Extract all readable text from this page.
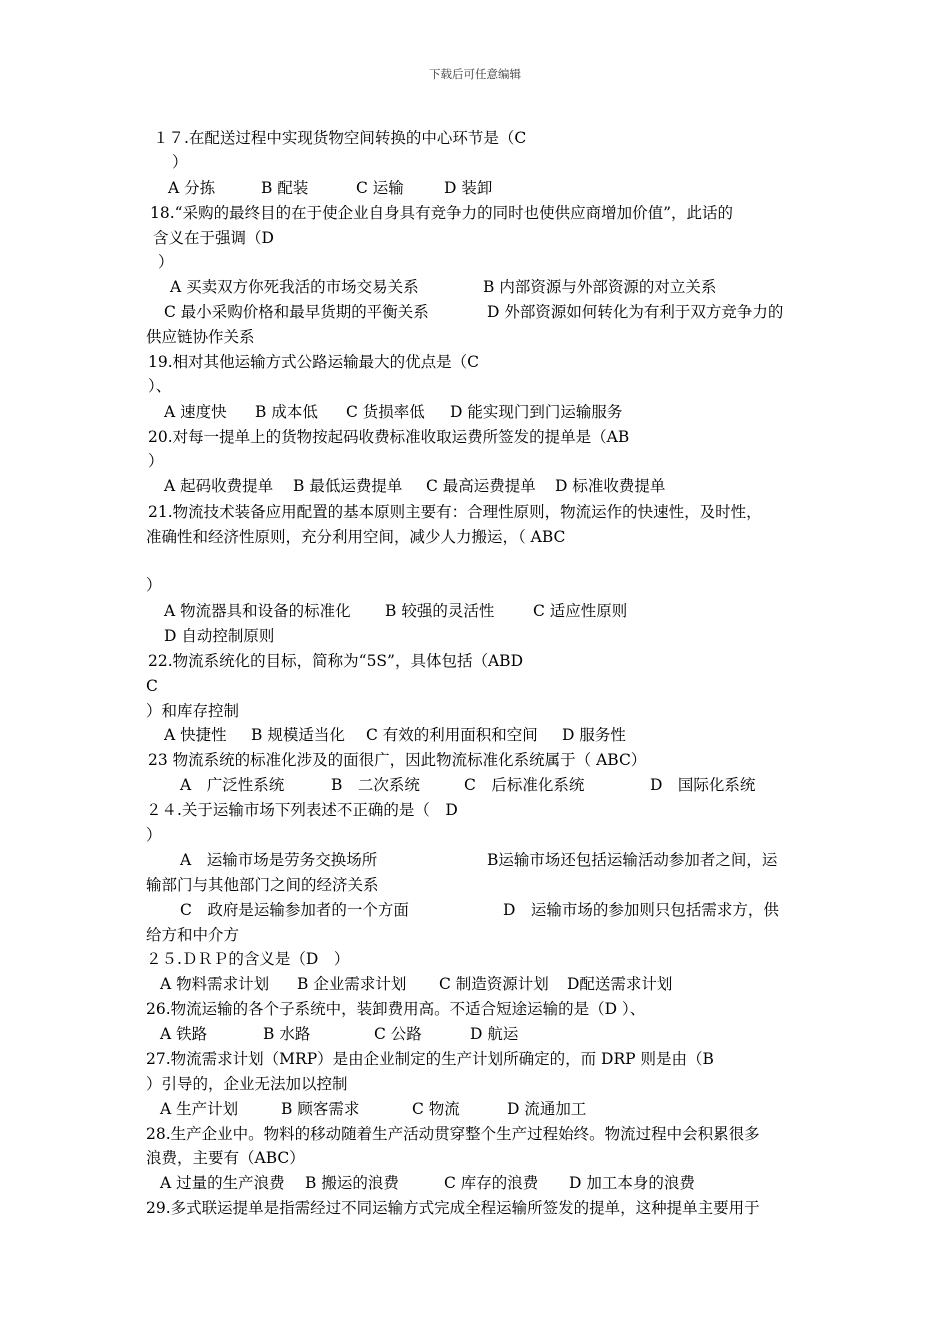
下载后可任意编辑
１７.在配送过程中实现货物空间转换的中心环节是（C
）
A 分拣	B 配装	C 运输	D 装卸
18.“采购的最终目的在于使企业自身具有竞争力的同时也使供应商增加价值”，此话的
含义在于强调（D
）
A 买卖双方你死我活的市场交易关系	B 内部资源与外部资源的对立关系
C 最小采购价格和最早货期的平衡关系	D 外部资源如何转化为有利于双方竞争力的
供应链协作关系
19.相对其他运输方式公路运输最大的优点是（C
）、
A 速度快 B 成本低 C 货损率低 D 能实现门到门运输服务
20.对每一提单上的货物按起码收费标准收取运费所签发的提单是（AB
）
A 起码收费提单 B 最低运费提单 C 最高运费提单 D 标准收费提单
21.物流技术装备应用配置的基本原则主要有：合理性原则，物流运作的快速性，及时性，
准确性和经济性原则，充分利用空间，减少人力搬运，（ ABC
）
A 物流器具和设备的标准化 B 较强的灵活性 C 适应性原则
D 自动控制原则
22.物流系统化的目标，简称为“5S”，具体包括（ABD
C
）和库存控制
A 快捷性 B 规模适当化 C 有效的利用面积和空间 D 服务性
23 物流系统的标准化涉及的面很广，因此物流标准化系统属于（ ABC）
A　广泛性系统	B　二次系统	C　后标准化系统	D　国际化系统
２４.关于运输市场下列表述不正确的是（　D
）
A　运输市场是劳务交换场所	B运输市场还包括运输活动参加者之间，运
输部门与其他部门之间的经济关系
C　政府是运输参加者的一个方面	D　运输市场的参加则只包括需求方，供
给方和中介方
２５.ＤＲＰ的含义是（D　）
A 物料需求计划 B 企业需求计划 C 制造资源计划 D配送需求计划
26.物流运输的各个子系统中，装卸费用高。不适合短途运输的是（D ）、
A 铁路	B 水路	C 公路	D 航运
27.物流需求计划（MRP）是由企业制定的生产计划所确定的，而 DRP 则是由（B
）引导的，企业无法加以控制
A 生产计划	B 顾客需求	C 物流	D 流通加工
28.生产企业中。物料的移动随着生产活动贯穿整个生产过程始终。物流过程中会积累很多
浪费，主要有（ABC）
A 过量的生产浪费 B 搬运的浪费	C 库存的浪费 D 加工本身的浪费
29.多式联运提单是指需经过不同运输方式完成全程运输所签发的提单，这种提单主要用于
